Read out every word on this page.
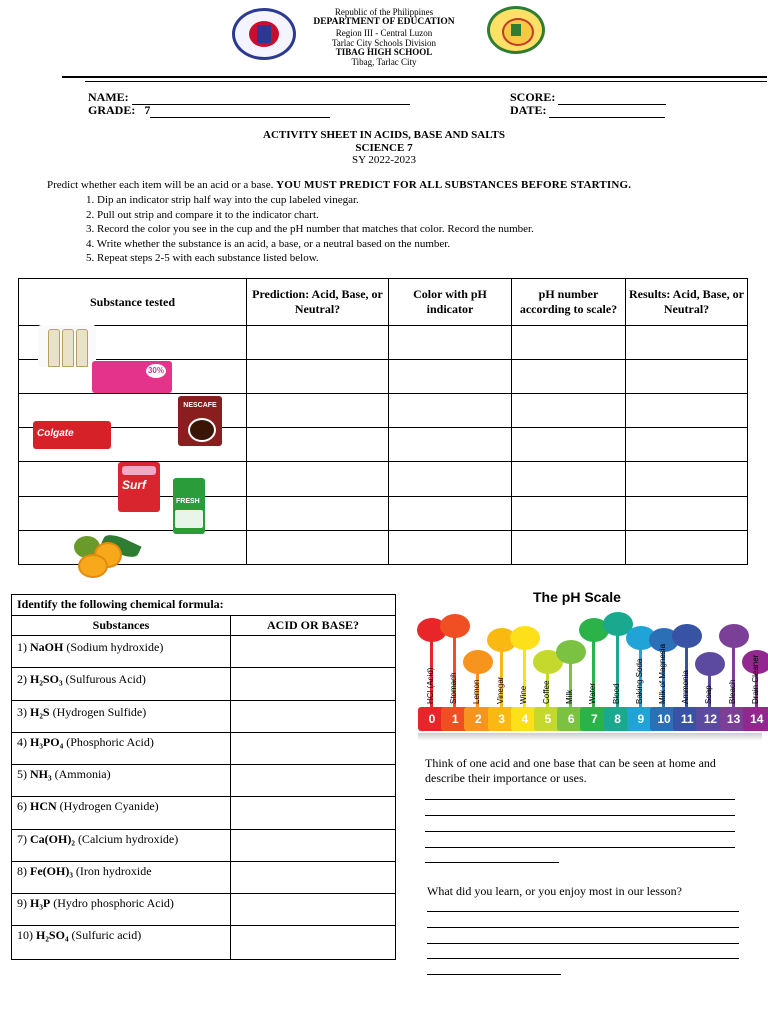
Republic of the Philippines
DEPARTMENT OF EDUCATION
Region III - Central Luzon
Tarlac City Schools Division
TIBAG HIGH SCHOOL
Tibag, Tarlac City
NAME:
GRADE: 7
SCORE:
DATE:
ACTIVITY SHEET IN ACIDS, BASE AND SALTS
SCIENCE 7
SY 2022-2023
Predict whether each item will be an acid or a base. YOU MUST PREDICT FOR ALL SUBSTANCES BEFORE STARTING.
1. Dip an indicator strip half way into the cup labeled vinegar.
2. Pull out strip and compare it to the indicator chart.
3. Record the color you see in the cup and the pH number that matches that color. Record the number.
4. Write whether the substance is an acid, a base, or a neutral based on the number.
5. Repeat steps 2-5 with each substance listed below.
Substance tested	Prediction: Acid, Base, or Neutral?	Color with pH indicator	pH number according to scale?	Results: Acid, Base, or Neutral?

30%
NESCAFE
Colgate
Surf
FRESH
Identify the following chemical formula:	
Substances	ACID OR BASE?
1) NaOH (Sodium hydroxide)	
2) H₂SO₃ (Sulfurous Acid)	
3) H₂S (Hydrogen Sulfide)	
4) H₃PO₄ (Phosphoric Acid)	
5) NH₃ (Ammonia)	
6) HCN (Hydrogen Cyanide)	
7) Ca(OH)₂ (Calcium hydroxide)	
8) Fe(OH)₃ (Iron hydroxide	
9) H₃P (Hydro phosphoric Acid)	
10) H₂SO₄ (Sulfuric acid)	
The pH Scale
HCl (Acid)
0
Stomach
1
Lemon
2
Vinegar
3
Wine
4
Coffee
5
Milk
6
Water
7
Blood
8
Baking Soda
9
Milk of Magnesia
10
Ammonia
11
Soap
12
Bleach
13
Drain Cleaner
14
Think of one acid and one base that can be seen at home and describe their importance or uses.
What did you learn, or you enjoy most in our lesson?
